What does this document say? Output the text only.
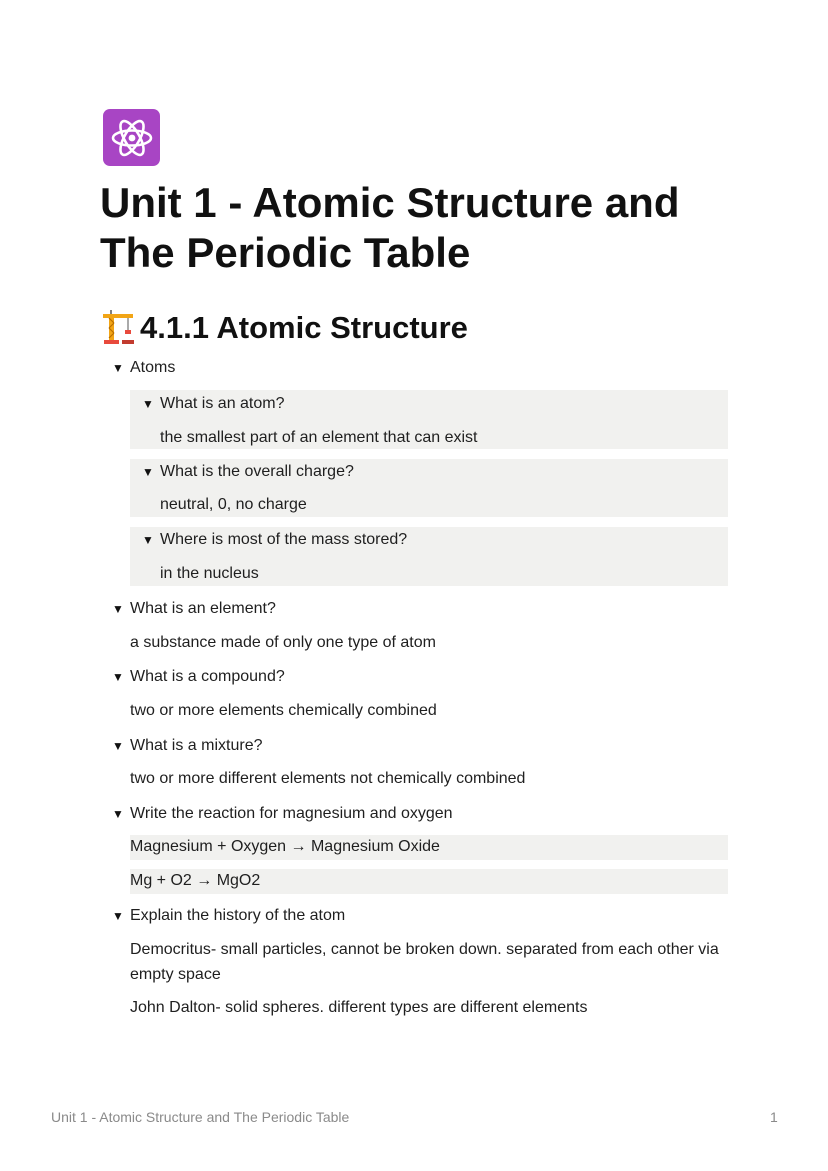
Unit 1 - Atomic Structure and The Periodic Table
4.1.1 Atomic Structure
▼ Atoms
▼ What is an atom?
the smallest part of an element that can exist
▼ What is the overall charge?
neutral, 0, no charge
▼ Where is most of the mass stored?
in the nucleus
▼ What is an element?
a substance made of only one type of atom
▼ What is a compound?
two or more elements chemically combined
▼ What is a mixture?
two or more different elements not chemically combined
▼ Write the reaction for magnesium and oxygen
Magnesium + Oxygen → Magnesium Oxide
Mg + O2 → MgO2
▼ Explain the history of the atom
Democritus- small particles, cannot be broken down. separated from each other via empty space
John Dalton- solid spheres. different types are different elements
Unit 1 - Atomic Structure and The Periodic Table	1
